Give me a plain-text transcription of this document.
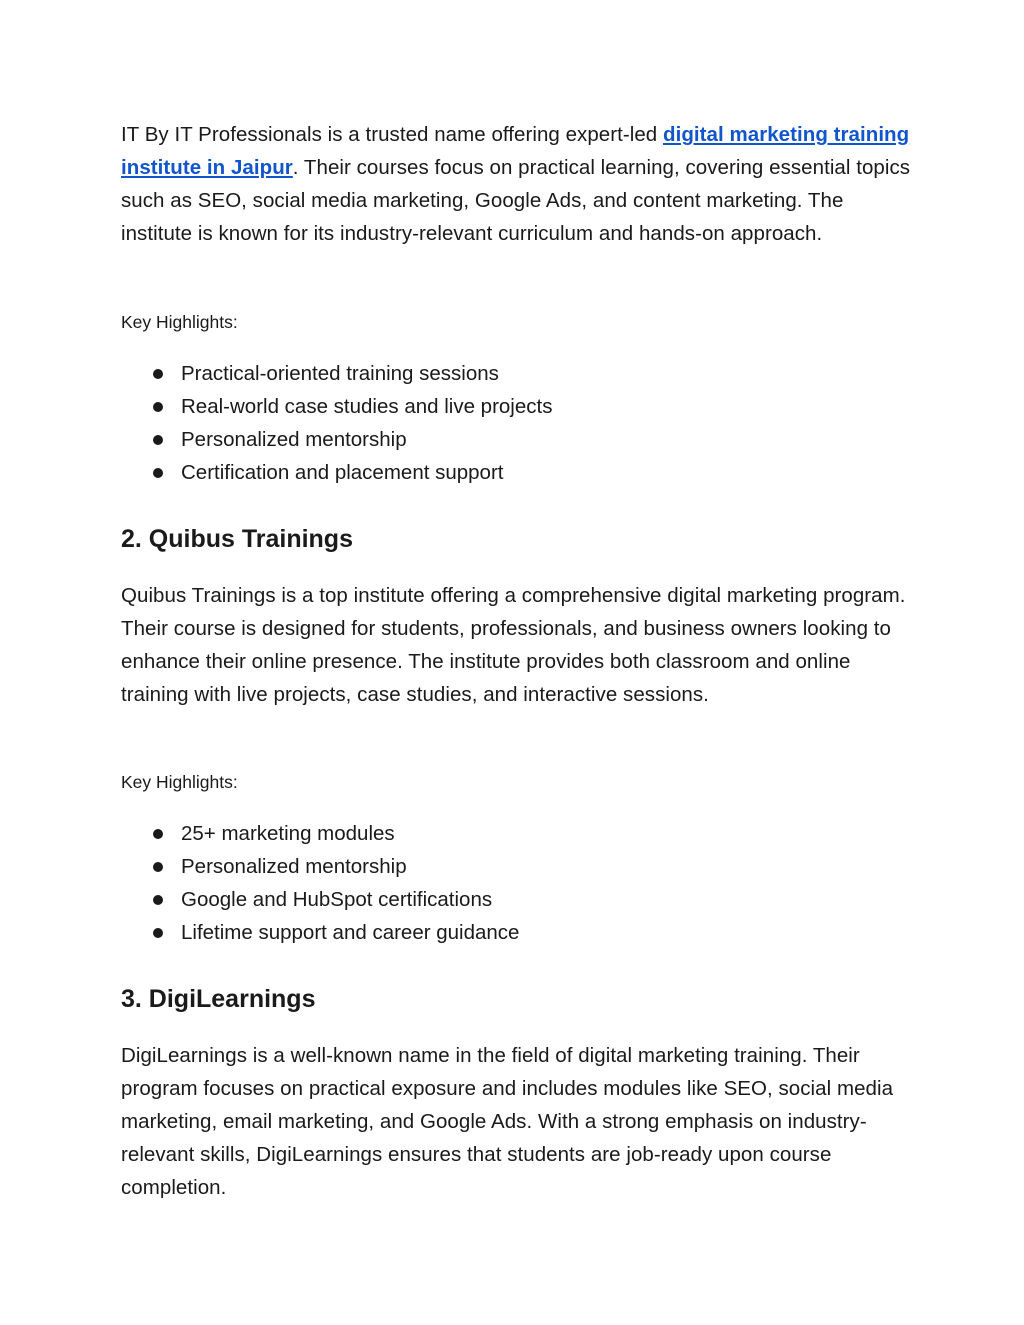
IT By IT Professionals is a trusted name offering expert-led digital marketing training institute in Jaipur. Their courses focus on practical learning, covering essential topics such as SEO, social media marketing, Google Ads, and content marketing. The institute is known for its industry-relevant curriculum and hands-on approach.

Key Highlights:

Practical-oriented training sessions
Real-world case studies and live projects
Personalized mentorship
Certification and placement support
2. Quibus Trainings

Quibus Trainings is a top institute offering a comprehensive digital marketing program. Their course is designed for students, professionals, and business owners looking to enhance their online presence. The institute provides both classroom and online training with live projects, case studies, and interactive sessions.

Key Highlights:

25+ marketing modules
Personalized mentorship
Google and HubSpot certifications
Lifetime support and career guidance
3. DigiLearnings

DigiLearnings is a well-known name in the field of digital marketing training. Their program focuses on practical exposure and includes modules like SEO, social media marketing, email marketing, and Google Ads. With a strong emphasis on industry-relevant skills, DigiLearnings ensures that students are job-ready upon course completion.
